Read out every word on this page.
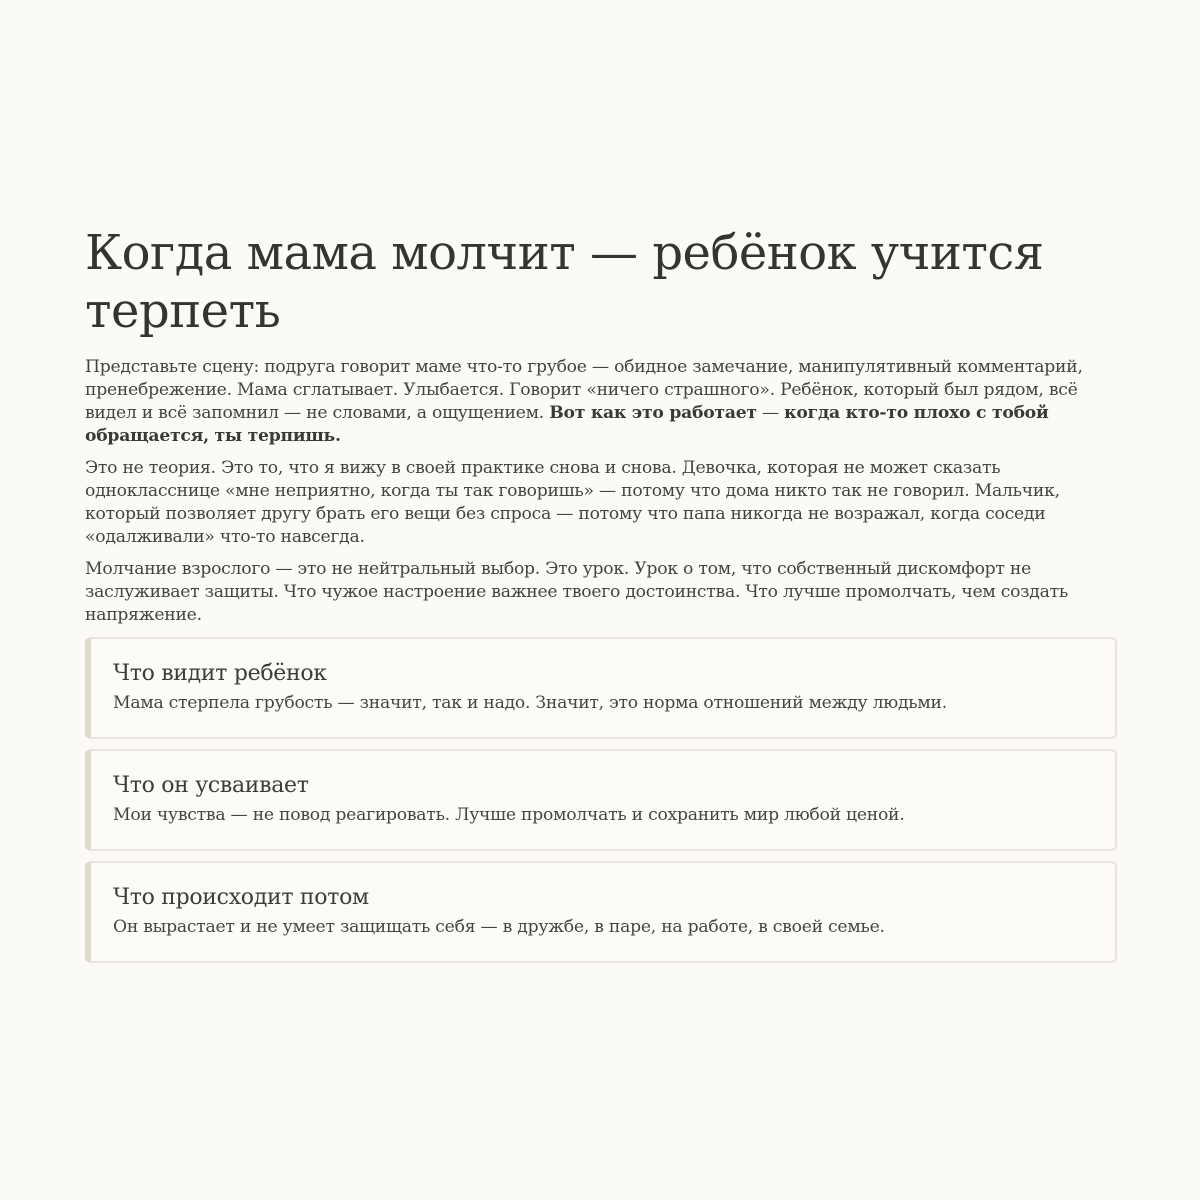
Когда мама молчит — ребёнок учится терпеть

Представьте сцену: подруга говорит маме что-то грубое — обидное замечание, манипулятивный комментарий, пренебрежение. Мама сглатывает. Улыбается. Говорит «ничего страшного». Ребёнок, который был рядом, всё видел и всё запомнил — не словами, а ощущением. Вот как это работает — когда кто-то плохо с тобой обращается, ты терпишь.

Это не теория. Это то, что я вижу в своей практике снова и снова. Девочка, которая не может сказать однокласснице «мне неприятно, когда ты так говоришь» — потому что дома никто так не говорил. Мальчик, который позволяет другу брать его вещи без спроса — потому что папа никогда не возражал, когда соседи «одалживали» что-то навсегда.

Молчание взрослого — это не нейтральный выбор. Это урок. Урок о том, что собственный дискомфорт не заслуживает защиты. Что чужое настроение важнее твоего достоинства. Что лучше промолчать, чем создать напряжение.

Что видит ребёнок

Мама стерпела грубость — значит, так и надо. Значит, это норма отношений между людьми.

Что он усваивает

Мои чувства — не повод реагировать. Лучше промолчать и сохранить мир любой ценой.

Что происходит потом

Он вырастает и не умеет защищать себя — в дружбе, в паре, на работе, в своей семье.
